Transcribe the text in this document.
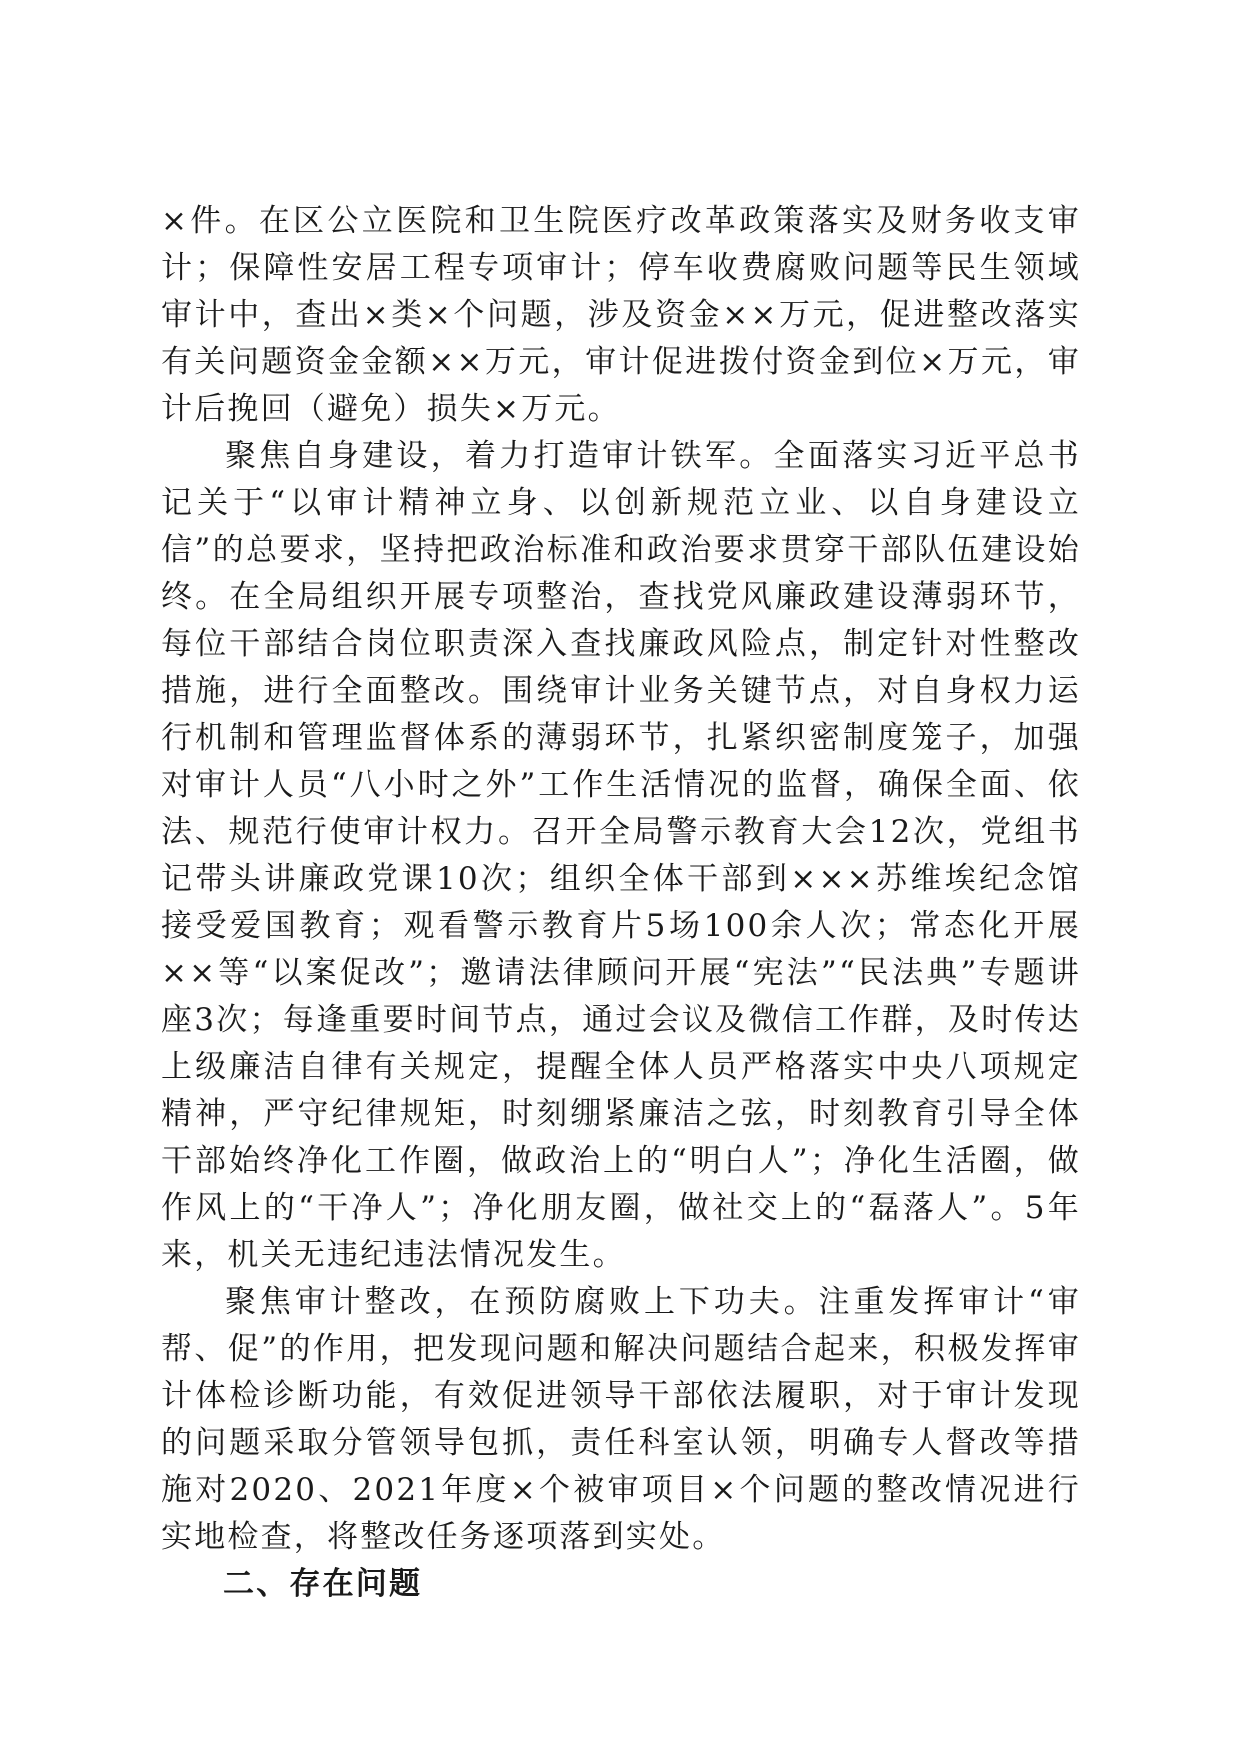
×件。在区公立医院和卫生院医疗改革政策落实及财务收支审计；保障性安居工程专项审计；停车收费腐败问题等民生领域审计中，查出×类×个问题，涉及资金××万元，促进整改落实有关问题资金金额××万元，审计促进拨付资金到位×万元，审计后挽回（避免）损失×万元。

聚焦自身建设，着力打造审计铁军。全面落实习近平总书记关于“以审计精神立身、以创新规范立业、以自身建设立信”的总要求，坚持把政治标准和政治要求贯穿干部队伍建设始终。在全局组织开展专项整治，查找党风廉政建设薄弱环节，每位干部结合岗位职责深入查找廉政风险点，制定针对性整改措施，进行全面整改。围绕审计业务关键节点，对自身权力运行机制和管理监督体系的薄弱环节，扎紧织密制度笼子，加强对审计人员“八小时之外”工作生活情况的监督，确保全面、依法、规范行使审计权力。召开全局警示教育大会12次，党组书记带头讲廉政党课10次；组织全体干部到×××苏维埃纪念馆接受爱国教育；观看警示教育片5场100余人次；常态化开展××等“以案促改”；邀请法律顾问开展“宪法”“民法典”专题讲座3次；每逢重要时间节点，通过会议及微信工作群，及时传达上级廉洁自律有关规定，提醒全体人员严格落实中央八项规定精神，严守纪律规矩，时刻绷紧廉洁之弦，时刻教育引导全体干部始终净化工作圈，做政治上的“明白人”；净化生活圈，做作风上的“干净人”；净化朋友圈，做社交上的“磊落人”。5年来，机关无违纪违法情况发生。

聚焦审计整改，在预防腐败上下功夫。注重发挥审计“审帮、促”的作用，把发现问题和解决问题结合起来，积极发挥审计体检诊断功能，有效促进领导干部依法履职，对于审计发现的问题采取分管领导包抓，责任科室认领，明确专人督改等措施对2020、2021年度×个被审项目×个问题的整改情况进行实地检查，将整改任务逐项落到实处。

二、存在问题
